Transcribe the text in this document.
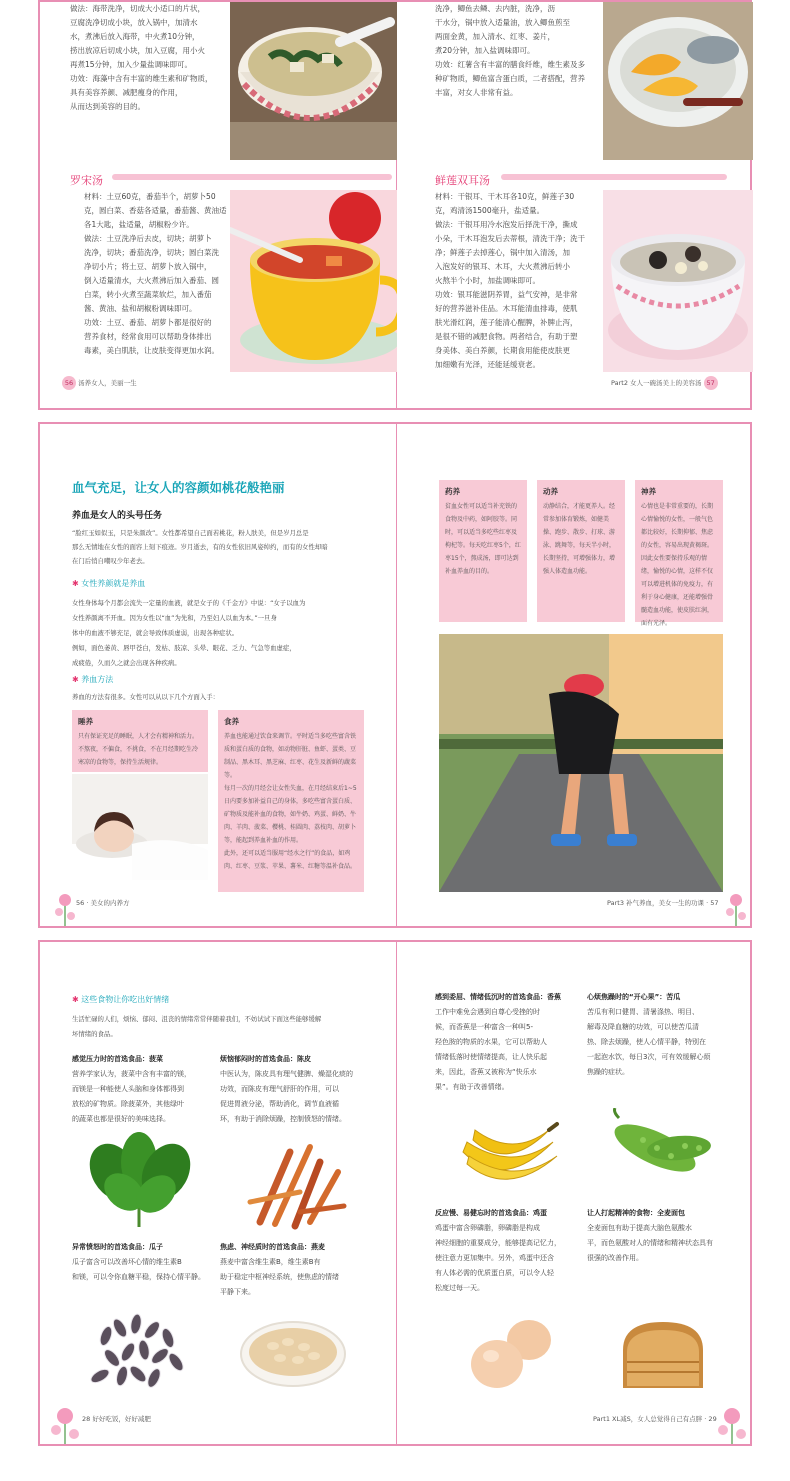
做法：海带洗净，切成大小适口的片状，
豆腐洗净切成小块，放入锅中，加清水
水，煮沸后放入海带，中火煮10分钟，
捞出放凉后切成小块，加入豆腐，用小火
再煮15分钟，加入少量盐调味即可。
功效：海藻中含有丰富的维生素和矿物质，
具有美容养颜、减肥瘦身的作用，
从而达到美容的目的。
罗宋汤
材料：土豆60克，番茄半个，胡萝卜50
克，圆白菜、香菇各适量，番茄酱、黄油适
各1大匙，盐适量，胡椒粉少许。
做法：土豆洗净后去皮，切块；胡萝卜
洗净，切块；番茄洗净，切块；圆白菜洗
净切小片；将土豆、胡萝卜放入锅中，
倒入适量清水，大火煮沸后加入番茄、圆
白菜，转小火煮至蔬菜软烂，加入番茄
酱、黄油、盐和胡椒粉调味即可。
功效：土豆、番茄、胡萝卜都是很好的
营养食材，经常食用可以帮助身体排出
毒素，美白肌肤，让皮肤变得更加水润。
56 汤养女人，美丽一生
洗净，鲫鱼去鳞、去内脏，洗净，沥
干水分，锅中放入适量油，放入鲫鱼煎至
两面金黄，加入清水、红枣、姜片，
煮20分钟，加入盐调味即可。
功效：红薯含有丰富的膳食纤维，维生素及多
种矿物质，鲫鱼富含蛋白质，二者搭配，营养
丰富，对女人非常有益。
鲜莲双耳汤
材料：干银耳、干木耳各10克，鲜莲子30
克，鸡清汤1500毫升，盐适量。
做法：干银耳用冷水泡发后择洗干净，撕成
小朵，干木耳泡发后去蒂根，清洗干净；洗干
净；鲜莲子去掉莲心，锅中加入清汤，加
入泡发好的银耳、木耳，大火煮沸后转小
火熬半个小时，加盐调味即可。
功效：银耳能滋阴养胃，益气安神，是非常
好的营养滋补佳品。木耳能清血排毒，使肌
肤光滑红润，莲子能清心醒脾，补脾止泻，
是很不错的减肥食物。两者结合，有助于塑
身美体、美白养颜，长期食用能使皮肤更
加细嫩有光泽，还能延缓衰老。
Part2 女人一碗汤美上的美容汤 57
血气充足，让女人的容颜如桃花般艳丽
养血是女人的头号任务
“脸红玉如似玉，只是朱颜改”。女性都希望自己面若桃花，粉人肤美，但是岁月总是
那么无情地在女性的面容上刻下痕迹。岁月逝去，有的女性依旧风姿绰约，而有的女性却暗
在门后悄自嘲叹少年老去。
✱ 女性养颜就是养血
女性身体每个月都会流失一定量的血液，就是女子的《千金方》中说：“女子以血为
女性养颜离不开血。因为女性以“血”为先和，乃至妇人以血为本。”一旦身
体中的血液不够充足，就会导致体质虚弱，出现各种症状。
例如，面色萎黄、唇甲苍白，发枯、肢凉、头晕、眼花、乏力、气急等血虚症，
成疲倦，久而久之就会出现各种疾病。
✱ 养血方法
养血的方法有很多。女性可以从以下几个方面入手：
睡养
只有保证充足的睡眠，人才会有精神和活力。不熬夜，不偏食，不挑食，不在月经期吃生冷寒凉的食物等，保持生活规律。
食养
养血也能通过饮食来调节。平时适当多吃些富含铁质和蛋白质的食物，如动物肝脏、鱼虾、蛋类、豆制品、黑木耳、黑芝麻、红枣、花生及新鲜的蔬菜等。
每月一次的月经会让女性失血，在月经结束后1~5日内要多加补益自己的身体，多吃些富含蛋白质、矿物质及能补血的食物，如牛奶、鸡蛋、鲜奶、牛肉、羊肉、菠菜、樱桃、桂圆肉、荔枝肉、胡萝卜等，能起到养血补血的作用。
此外，还可以适当服用“经水之行”的食品，如鸡肉、红枣、豆浆、苹果、薯米、红糖等温补食品。
56 · 美女的内养方
药养
贫血女性可以适当补充铁的食物及中药，如阿胶等。同时，可以适当多吃些红枣及枸杞等。每天吃红枣5个，红枣15个，熬成汤，即可达到补血养血的目的。
动养
动静结合，才能更养人。经常参加体育锻炼，如健美操、跑步、散步、打球、游泳、跳舞等，每天半小时，长期坚持，可增强体力，增强人体造血功能。
神养
心情也是非常重要的，长期心情愉悦的女性，一般气色都比较好，长期抑郁、焦虑的女性，容易出现黄褐斑。因此女性要保持乐观的情绪，愉悦的心情，这样不仅可以增进机体的免疫力，有利于身心健康，还能增强骨髓造血功能，使皮肤红润，面有光泽。
Part3 补气养血，美女一生的功课 · 57
✱ 这些食物让你吃出好情绪
生活忙碌的人们，烦恼、郁闷、沮丧的情绪常常伴随着我们，不妨试试下面这些能够缓解
坏情绪的食品。
感觉压力时的首选食品：菠菜
营养学家认为，菠菜中含有丰富的镁，
而镁是一种能使人头脑和身体都得到
放松的矿物质。除菠菜外，其他绿叶
的蔬菜也都是很好的美味选择。
烦恼郁闷时的首选食品：陈皮
中医认为，陈皮具有理气健脾、燥湿化痰的
功效，而陈皮有理气舒肝的作用，可以
促进胃液分泌，帮助消化，调节血液循
环，有助于消除烦躁，控制愤怒的情绪。
异常愤怒时的首选食品：瓜子
瓜子富含可以改善坏心情的维生素B
和镁，可以令你血糖平稳，保持心情平静。
焦虑、神经质时的首选食品：燕麦
燕麦中富含维生素B，维生素B有
助于稳定中枢神经系统，使焦虑的情绪
平静下来。
28 好好吃饭，好好减肥
感到委屈、情绪低沉时的首选食品：香蕉
工作中难免会遇到自尊心受挫的时
候，而香蕉是一种富含一种叫5-
羟色胺的物质的水果，它可以帮助人
情绪低落时使情绪提高，让人快乐起
来，因此，香蕉又被称为“快乐水
果”。有助于改善情绪。
心烦焦躁时的“开心果”：苦瓜
苦瓜有利口健胃、清暑涤热、明目、
解毒及降血糖的功效，可以使苦瓜清
热、除去烦躁，使人心情平静，特别在
一起泡水饮，每日3次，可有效缓解心烦
焦躁的症状。
反应慢、易健忘时的首选食品：鸡蛋
鸡蛋中富含卵磷脂，卵磷脂是构成
神经细胞的重要成分，能够提高记忆力，
使注意力更加集中。另外，鸡蛋中还含
有人体必需的优质蛋白质，可以令人轻
松度过每一天。
让人打起精神的食物：全麦面包
全麦面包有助于提高大脑色氨酸水
平，而色氨酸对人的情绪和精神状态具有
很强的改善作用。
Part1 XL减S，女人总觉得自己有点胖 · 29
